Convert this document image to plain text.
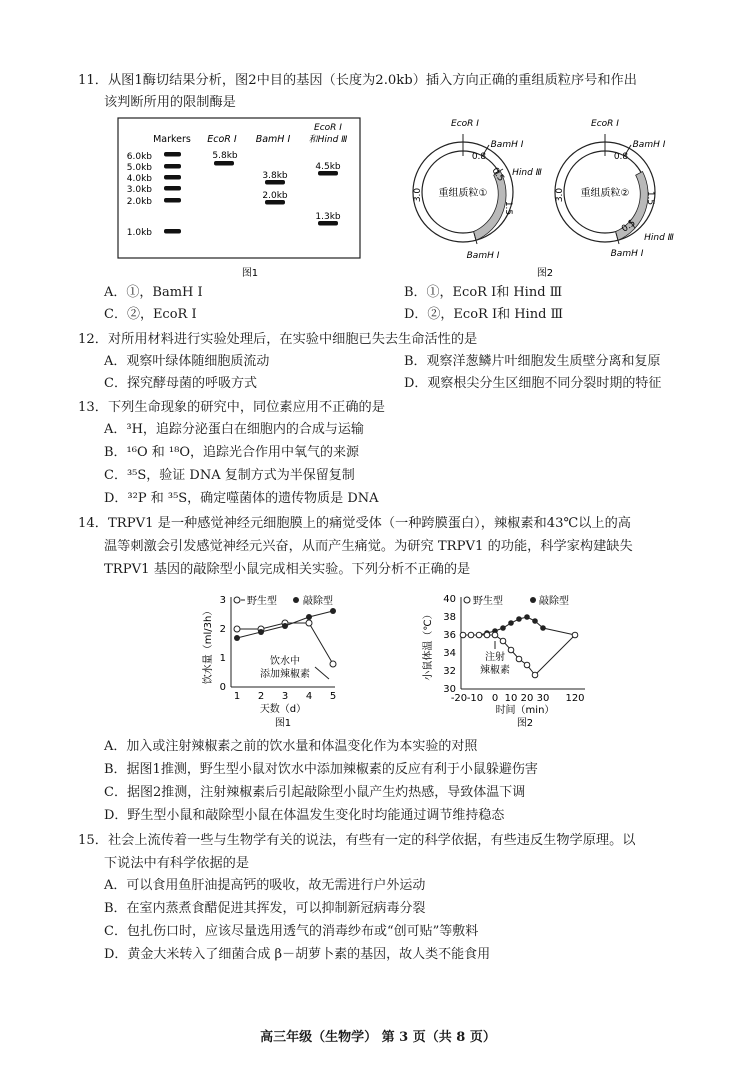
11．从图1酶切结果分析，图2中目的基因（长度为2.0kb）插入方向正确的重组质粒序号和作出
该判断所用的限制酶是
Markers EcoR Ⅰ BamH Ⅰ
EcoR Ⅰ
和Hind Ⅲ
6.0kb
5.0kb
4.0kb
3.0kb
2.0kb
1.0kb
5.8kb
3.8kb
2.0kb
4.5kb
1.3kb
图1
EcoR Ⅰ
BamH Ⅰ
Hind Ⅲ
BamH Ⅰ
0.8
0.5
1.5
3.0 重组质粒①
EcoR Ⅰ
BamH Ⅰ
Hind Ⅲ
BamH Ⅰ
0.8
1.5
0.5
3.0 重组质粒②
图2
A．①，BamH Ⅰ	B．①，EcoR Ⅰ和 Hind Ⅲ
C．②，EcoR Ⅰ	D．②，EcoR Ⅰ和 Hind Ⅲ
12．对所用材料进行实验处理后，在实验中细胞已失去生命活性的是
A．观察叶绿体随细胞质流动	B．观察洋葱鳞片叶细胞发生质壁分离和复原
C．探究酵母菌的呼吸方式	D．观察根尖分生区细胞不同分裂时期的特征
13．下列生命现象的研究中，同位素应用不正确的是
A．³H，追踪分泌蛋白在细胞内的合成与运输
B．¹⁶O 和 ¹⁸O，追踪光合作用中氧气的来源
C．³⁵S，验证 DNA 复制方式为半保留复制
D．³²P 和 ³⁵S，确定噬菌体的遗传物质是 DNA
14．TRPV1 是一种感觉神经元细胞膜上的痛觉受体（一种跨膜蛋白），辣椒素和43℃以上的高
温等刺激会引发感觉神经元兴奋，从而产生痛觉。为研究 TRPV1 的功能，科学家构建缺失
TRPV1 基因的敲除型小鼠完成相关实验。下列分析不正确的是
0
1
2
3
1 2 3 4 5
饮水量（ml/3h）
天数（d）
野生型	敲除型
饮水中
添加辣椒素
图1
30
32
34
36
38
40
-20 -10 0 10 20 30 120
小鼠体温（℃）
时间（min）
野生型	敲除型
注射
辣椒素
图2
A．加入或注射辣椒素之前的饮水量和体温变化作为本实验的对照
B．据图1推测，野生型小鼠对饮水中添加辣椒素的反应有利于小鼠躲避伤害
C．据图2推测，注射辣椒素后引起敲除型小鼠产生灼热感，导致体温下调
D．野生型小鼠和敲除型小鼠在体温发生变化时均能通过调节维持稳态
15．社会上流传着一些与生物学有关的说法，有些有一定的科学依据，有些违反生物学原理。以
下说法中有科学依据的是
A．可以食用鱼肝油提高钙的吸收，故无需进行户外运动
B．在室内蒸煮食醋促进其挥发，可以抑制新冠病毒分裂
C．包扎伤口时，应该尽量选用透气的消毒纱布或“创可贴”等敷料
D．黄金大米转入了细菌合成 β－胡萝卜素的基因，故人类不能食用
高三年级（生物学） 第 3 页（共 8 页）
